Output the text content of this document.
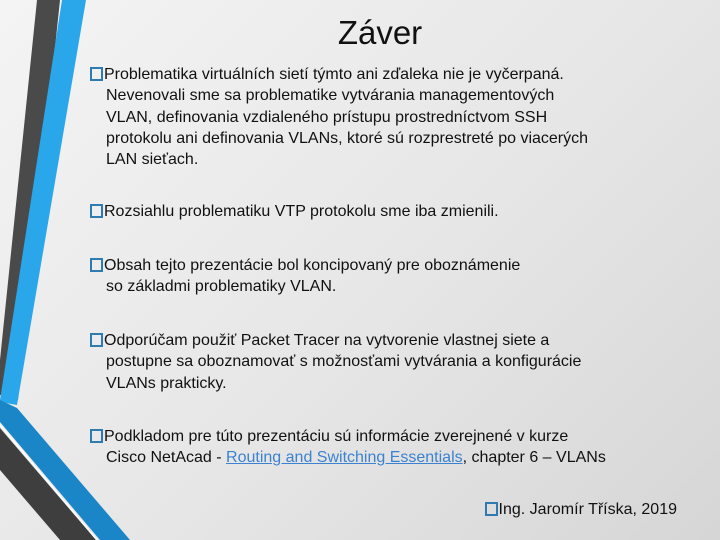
Záver
Problematika virtuálních sietí týmto ani zďaleka nie je vyčerpaná.
Nevenovali sme sa problematike vytvárania managementových
VLAN, definovania vzdialeného prístupu prostredníctvom SSH
protokolu ani definovania VLANs, ktoré sú rozprestreté po viacerých
LAN sieťach.
Rozsiahlu problematiku VTP protokolu sme iba zmienili.
Obsah tejto prezentácie bol koncipovaný pre oboznámenie
so základmi problematiky VLAN.
Odporúčam použiť Packet Tracer na vytvorenie vlastnej siete a
postupne sa oboznamovať s možnosťami vytvárania a konfigurácie
VLANs prakticky.
Podkladom pre túto prezentáciu sú informácie zverejnené v kurze
Cisco NetAcad - Routing and Switching Essentials, chapter 6 – VLANs
Ing. Jaromír Tříska, 2019
